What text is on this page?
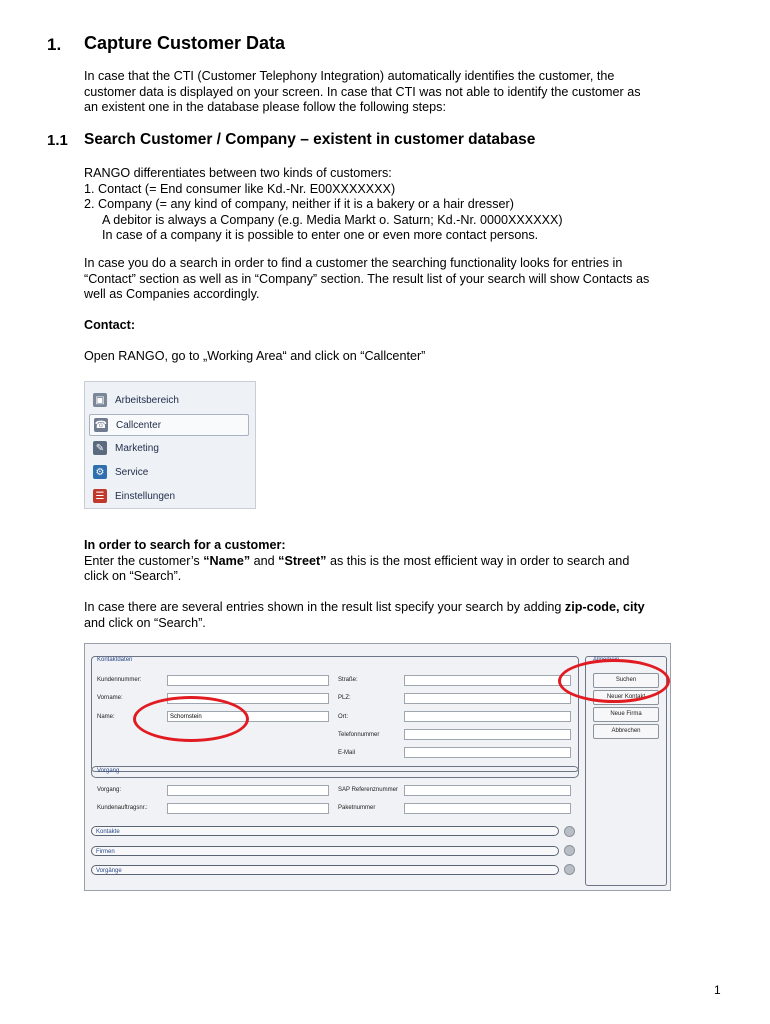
1. Capture Customer Data
In case that the CTI (Customer Telephony Integration) automatically identifies the customer, the
customer data is displayed on your screen. In case that CTI was not able to identify the customer as
an existent one in the database please follow the following steps:
1.1 Search Customer / Company – existent in customer database
RANGO differentiates between two kinds of customers:
1. Contact (= End consumer like Kd.-Nr. E00XXXXXXX)
2. Company (= any kind of company, neither if it is a bakery or a hair dresser)
A debitor is always a Company (e.g. Media Markt o. Saturn; Kd.-Nr. 0000XXXXXX)
In case of a company it is possible to enter one or even more contact persons.
In case you do a search in order to find a customer the searching functionality looks for entries in
“Contact” section as well as in “Company” section. The result list of your search will show Contacts as
well as Companies accordingly.
Contact:
Open RANGO, go to „Working Area“ and click on “Callcenter”
▣ Arbeitsbereich
☎ Callcenter
✎ Marketing
⚙ Service
☰ Einstellungen
In order to search for a customer:
Enter the customer’s “Name” and “Street” as this is the most efficient way in order to search and
click on “Search”.
In case there are several entries shown in the result list specify your search by adding zip-code, city
and click on “Search”.
Kontaktdaten
Kundennummer:
Vorname:
Name:	Schornstein
Straße:
PLZ:
Ort:
Telefonnummer
E-Mail
Vorgang
Vorgang:
Kundenauftragsnr.:
SAP Referenznummer
Paketnummer
Allgemein
Suchen
Neuer Kontakt
Neue Firma
Abbrechen
Kontakte
Firmen
Vorgänge
1
